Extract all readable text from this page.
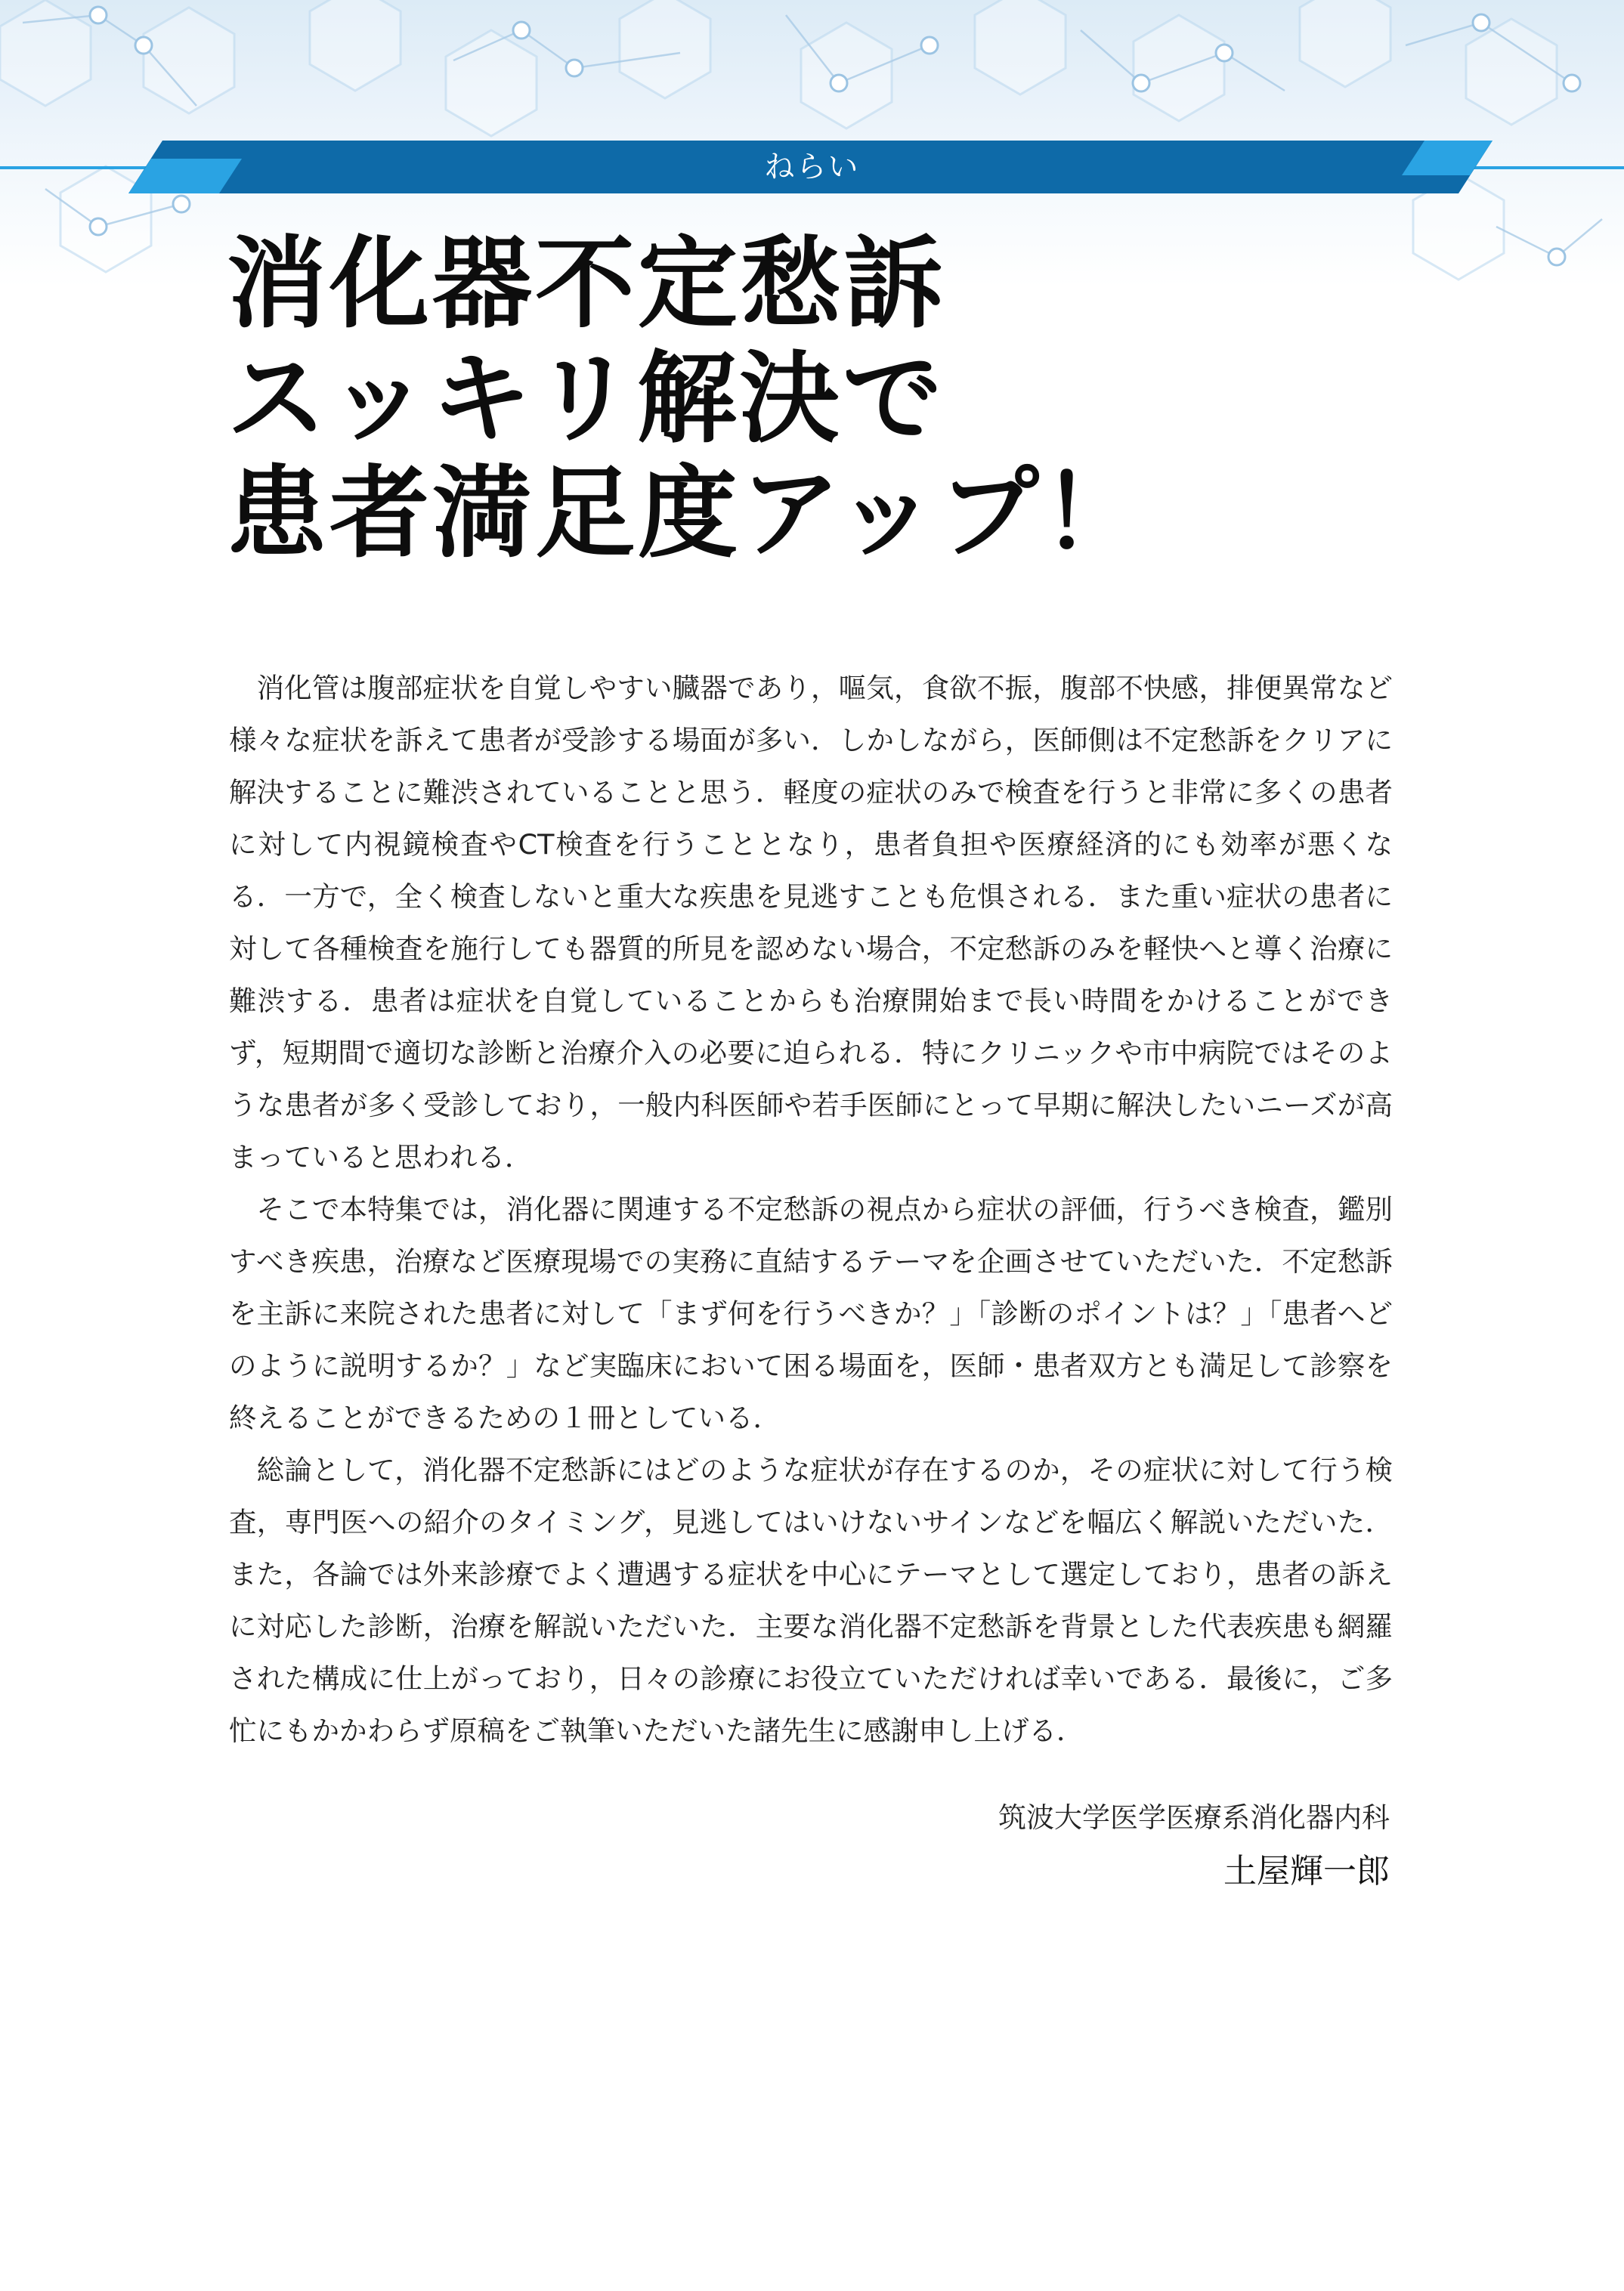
ねらい
消化器不定愁訴
スッキリ解決で
患者満足度アップ！

消化管は腹部症状を自覚しやすい臓器であり，嘔気，食欲不振，腹部不快感，排便異常など様々な症状を訴えて患者が受診する場面が多い．しかしながら，医師側は不定愁訴をクリアに解決することに難渋されていることと思う．軽度の症状のみで検査を行うと非常に多くの患者に対して内視鏡検査やCT検査を行うこととなり，患者負担や医療経済的にも効率が悪くなる．一方で，全く検査しないと重大な疾患を見逃すことも危惧される．また重い症状の患者に対して各種検査を施行しても器質的所見を認めない場合，不定愁訴のみを軽快へと導く治療に難渋する．患者は症状を自覚していることからも治療開始まで長い時間をかけることができず，短期間で適切な診断と治療介入の必要に迫られる．特にクリニックや市中病院ではそのような患者が多く受診しており，一般内科医師や若手医師にとって早期に解決したいニーズが高まっていると思われる．

そこで本特集では，消化器に関連する不定愁訴の視点から症状の評価，行うべき検査，鑑別すべき疾患，治療など医療現場での実務に直結するテーマを企画させていただいた．不定愁訴を主訴に来院された患者に対して「まず何を行うべきか？」「診断のポイントは？」「患者へどのように説明するか？」など実臨床において困る場面を，医師・患者双方とも満足して診察を終えることができるための１冊としている．

総論として，消化器不定愁訴にはどのような症状が存在するのか，その症状に対して行う検査，専門医への紹介のタイミング，見逃してはいけないサインなどを幅広く解説いただいた．また，各論では外来診療でよく遭遇する症状を中心にテーマとして選定しており，患者の訴えに対応した診断，治療を解説いただいた．主要な消化器不定愁訴を背景とした代表疾患も網羅された構成に仕上がっており，日々の診療にお役立ていただければ幸いである．最後に，ご多忙にもかかわらず原稿をご執筆いただいた諸先生に感謝申し上げる．

筑波大学医学医療系消化器内科
土屋輝一郎
